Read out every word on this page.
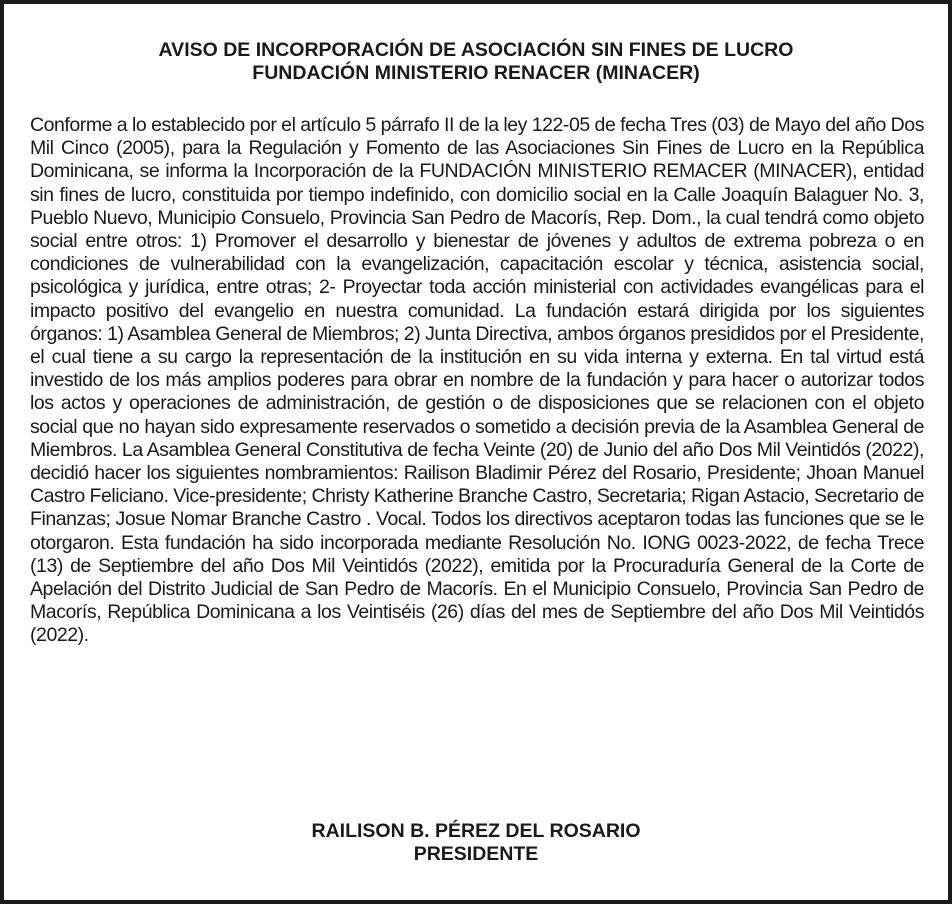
AVISO DE INCORPORACIÓN DE ASOCIACIÓN SIN FINES DE LUCRO
FUNDACIÓN MINISTERIO RENACER (MINACER)

Conforme a lo establecido por el artículo 5 párrafo II de la ley 122-05 de fecha Tres (03) de Mayo del año Dos Mil Cinco (2005), para la Regulación y Fomento de las Asociaciones Sin Fines de Lucro en la República Dominicana, se informa la Incorporación de la FUNDACIÓN MINISTERIO REMACER (MINACER), entidad sin fines de lucro, constituida por tiempo indefinido, con domicilio social en la Calle Joaquín Balaguer No. 3, Pueblo Nuevo, Municipio Consuelo, Provincia San Pedro de Macorís, Rep. Dom., la cual tendrá como objeto social entre otros: 1) Promover el desarrollo y bienestar de jóvenes y adultos de extrema pobreza o en condiciones de vulnerabilidad con la evangelización, capacitación escolar y técnica, asistencia social, psicológica y jurídica, entre otras; 2- Proyectar toda acción ministerial con actividades evangélicas para el impacto positivo del evangelio en nuestra comunidad. La fundación estará dirigida por los siguientes órganos: 1) Asamblea General de Miembros; 2) Junta Directiva, ambos órganos presididos por el Presidente, el cual tiene a su cargo la representación de la institución en su vida interna y externa. En tal virtud está investido de los más amplios poderes para obrar en nombre de la fundación y para hacer o autorizar todos los actos y operaciones de administración, de gestión o de disposiciones que se relacionen con el objeto social que no hayan sido expresamente reservados o sometido a decisión previa de la Asamblea General de Miembros. La Asamblea General Constitutiva de fecha Veinte (20) de Junio del año Dos Mil Veintidós (2022), decidió hacer los siguientes nombramientos: Railison Bladimir Pérez del Rosario, Presidente; Jhoan Manuel Castro Feliciano. Vice-presidente; Christy Katherine Branche Castro, Secretaria; Rigan Astacio, Secretario de Finanzas; Josue Nomar Branche Castro . Vocal. Todos los directivos aceptaron todas las funciones que se le otorgaron. Esta fundación ha sido incorporada mediante Resolución No. IONG 0023-2022, de fecha Trece (13) de Septiembre del año Dos Mil Veintidós (2022), emitida por la Procuraduría General de la Corte de Apelación del Distrito Judicial de San Pedro de Macorís. En el Municipio Consuelo, Provincia San Pedro de Macorís, República Dominicana a los Veintiséis (26) días del mes de Septiembre del año Dos Mil Veintidós (2022).

RAILISON B. PÉREZ DEL ROSARIO
PRESIDENTE
